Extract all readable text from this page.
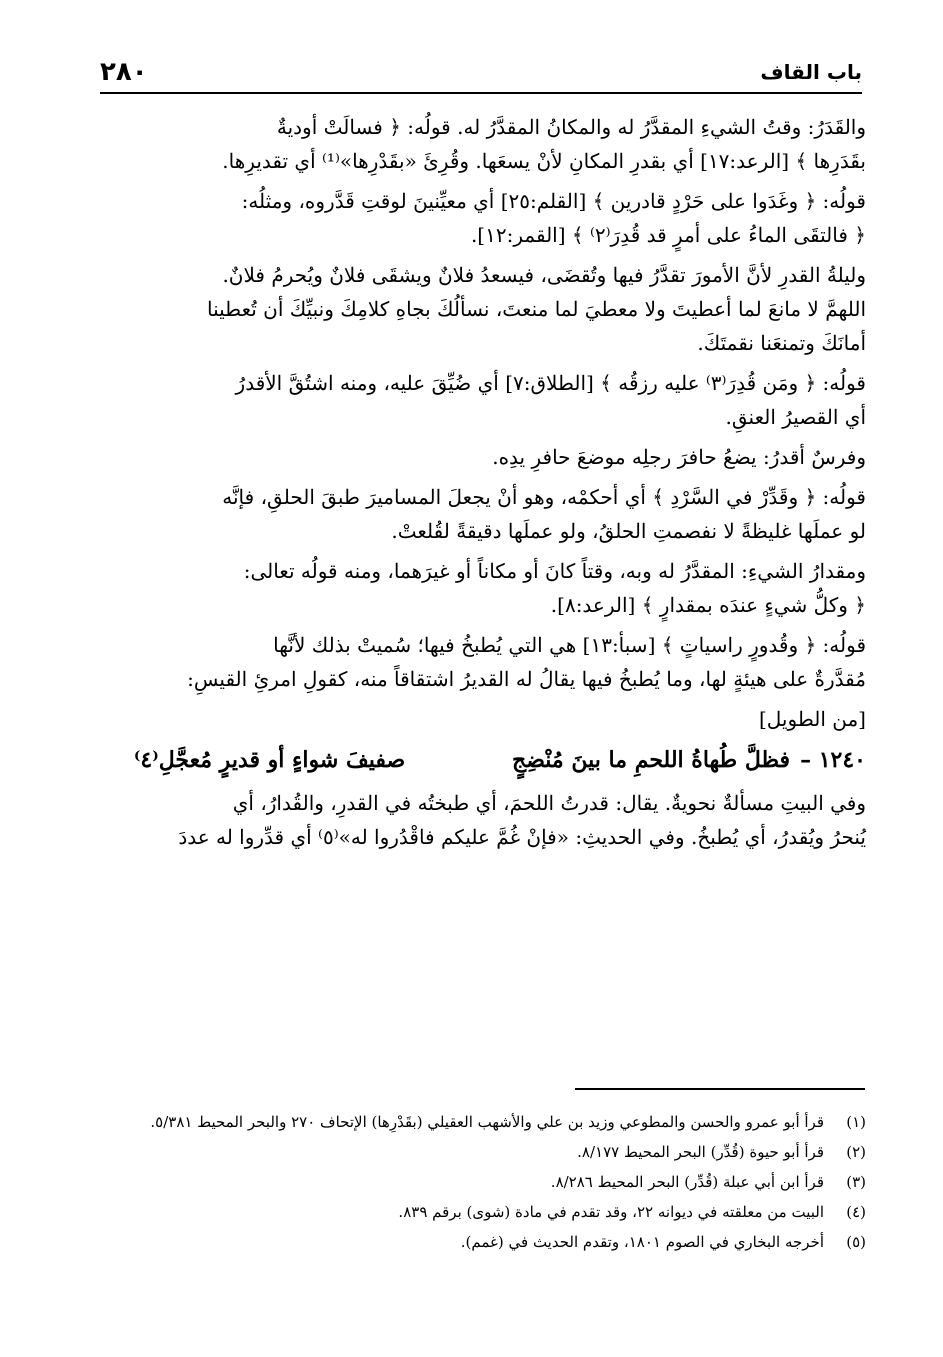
باب القاف
٢٨٠

والقَدَرُ: وقتُ الشيءِ المقدَّرُ له والمكانُ المقدَّرُ له. قولُه: ﴿ فسالَتْ أوديةٌ
بقَدَرِها ﴾ [الرعد:١٧] أي بقدرِ المكانِ لأنْ يسعَها. وقُرِئَ «بقَدْرِها»⁽¹⁾ أي تقديرِها.

قولُه: ﴿ وغَدَوا على حَرْدٍ قادرين ﴾ [القلم:٢٥] أي معيِّنينَ لوقتِ قَدَّروه، ومثلُه:
﴿ فالتقَى الماءُ على أمرٍ قد قُدِرَ⁽٢⁾ ﴾ [القمر:١٢].

وليلةُ القدرِ لأنَّ الأمورَ تقدَّرُ فيها وتُقضَى، فيسعدُ فلانٌ ويشقَى فلانٌ ويُحرمُ فلانٌ.
اللهمَّ لا مانعَ لما أعطيتَ ولا معطيَ لما منعتَ، نسألُكَ بجاهِ كلامِكَ ونبيِّكَ أن تُعطينا
أمانَكَ وتمنعَنا نقمتَكَ.

قولُه: ﴿ ومَن قُدِرَ⁽٣⁾ عليه رزقُه ﴾ [الطلاق:٧] أي ضُيِّقَ عليه، ومنه اشتُقَّ الأقدرُ
أي القصيرُ العنقِ.

وفرسٌ أقدرُ: يضعُ حافرَ رجلِه موضعَ حافرِ يدِه.

قولُه: ﴿ وقَدِّرْ في السَّرْدِ ﴾ أي أحكمْه، وهو أنْ يجعلَ المساميرَ طبقَ الحلقِ، فإنَّه
لو عملَها غليظةً لا نفصمتِ الحلقُ، ولو عملَها دقيقةً لقُلعتْ.

ومقدارُ الشيءِ: المقدَّرُ له وبه، وقتاً كانَ أو مكاناً أو غيرَهما، ومنه قولُه تعالى:
﴿ وكلُّ شيءٍ عندَه بمقدارٍ ﴾ [الرعد:٨].

قولُه: ﴿ وقُدورٍ راسياتٍ ﴾ [سبأ:١٣] هي التي يُطبخُ فيها؛ سُميتْ بذلك لأنَّها
مُقدَّرةٌ على هيئةٍ لها، وما يُطبخُ فيها يقالُ له القديرُ اشتقاقاً منه، كقولِ امرئِ القيسِ:

[من الطويل]
١٢٤٠ –
فظلَّ طُهاةُ اللحمِ ما بينَ مُنْضِجٍ
صفيفَ شواءٍ أو قديرٍ مُعجَّلِ⁽٤⁾

وفي البيتِ مسألةٌ نحويةٌ. يقال: قدرتُ اللحمَ، أي طبختُه في القدرِ، والقُدارُ، أي
يُنحرُ ويُقدرُ، أي يُطبخُ. وفي الحديثِ: «فإنْ غُمَّ عليكم فاقْدُروا له»⁽٥⁾ أي قدِّروا له عددَ

(١)
قرأ أبو عمرو والحسن والمطوعي وزيد بن علي والأشهب العقيلي (بقَدْرِها) الإتحاف ٢٧٠ والبحر المحيط ٥/٣٨١.
(٢)
قرأ أبو حيوة (قُدِّر) البحر المحيط ٨/١٧٧.
(٣)
قرأ ابن أبي عبلة (قُدِّر) البحر المحيط ٨/٢٨٦.
(٤)
البيت من معلقته في ديوانه ٢٢، وقد تقدم في مادة (شوى) برقم ٨٣٩.
(٥)
أخرجه البخاري في الصوم ١٨٠١، وتقدم الحديث في (غمم).
